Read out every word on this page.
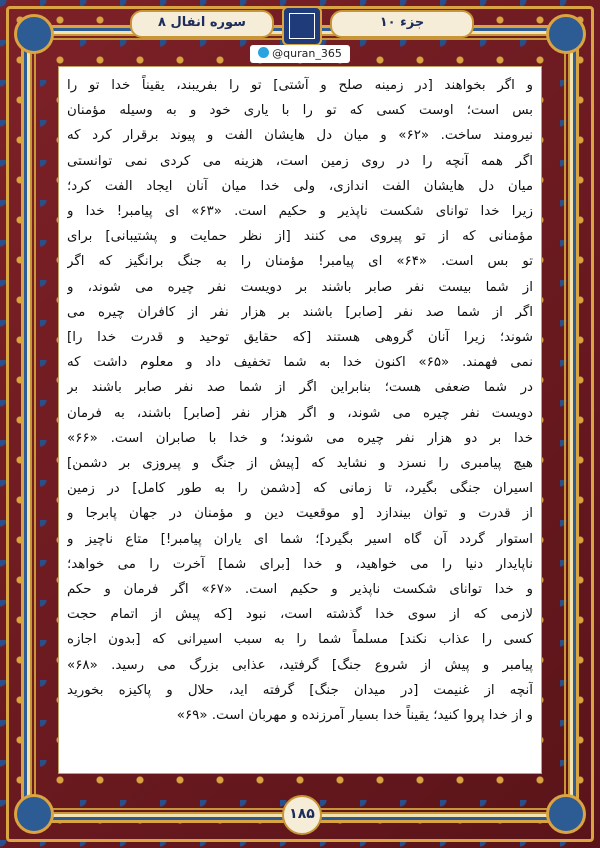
سوره انفال ۸	جزء ۱۰
@quran_365

و اگر بخواهند [در زمینه صلح و آشتی] تو را بفریبند، یقیناً خدا تو را

بس است؛ اوست کسی که تو را با یاری خود و به وسیله مؤمنان

نیرومند ساخت. «۶۲» و میان دل هایشان الفت و پیوند برقرار کرد که

اگر همه آنچه را در روی زمین است، هزینه می کردی نمی توانستی

میان دل هایشان الفت اندازی، ولی خدا میان آنان ایجاد الفت کرد؛

زیرا خدا توانای شکست ناپذیر و حکیم است. «۶۳» ای پیامبر! خدا و

مؤمنانی که از تو پیروی می کنند [از نظر حمایت و پشتیبانی] برای

تو بس است. «۶۴» ای پیامبر! مؤمنان را به جنگ برانگیز که اگر

از شما بیست نفر صابر باشند بر دویست نفر چیره می شوند، و

اگر از شما صد نفر [صابر] باشند بر هزار نفر از کافران چیره می

شوند؛ زیرا آنان گروهی هستند [که حقایق توحید و قدرت خدا را]

نمی فهمند. «۶۵» اکنون خدا به شما تخفیف داد و معلوم داشت که

در شما ضعفی هست؛ بنابراین اگر از شما صد نفر صابر باشند بر

دویست نفر چیره می شوند، و اگر هزار نفر [صابر] باشند، به فرمان

خدا بر دو هزار نفر چیره می شوند؛ و خدا با صابران است. «۶۶»

هیچ پیامبری را نسزد و نشاید که [پیش از جنگ و پیروزی بر دشمن]

اسیران جنگی بگیرد، تا زمانی که [دشمن را به طور کامل] در زمین

از قدرت و توان بیندازد [و موقعیت دین و مؤمنان در جهان پابرجا و

استوار گردد آن گاه اسیر بگیرد]؛ شما ای یاران پیامبر!] متاع ناچیز و

ناپایدار دنیا را می خواهید، و خدا [برای شما] آخرت را می خواهد؛

و خدا توانای شکست ناپذیر و حکیم است. «۶۷» اگر فرمان و حکم

لازمی که از سوی خدا گذشته است، نبود [که پیش از اتمام حجت

کسی را عذاب نکند] مسلماً شما را به سبب اسیرانی که [بدون اجازه

پیامبر و پیش از شروع جنگ] گرفتید، عذابی بزرگ می رسید. «۶۸»

آنچه از غنیمت [در میدان جنگ] گرفته اید، حلال و پاکیزه بخورید

و از خدا پروا کنید؛ یقیناً خدا بسیار آمرزنده و مهربان است. «۶۹»

۱۸۵
